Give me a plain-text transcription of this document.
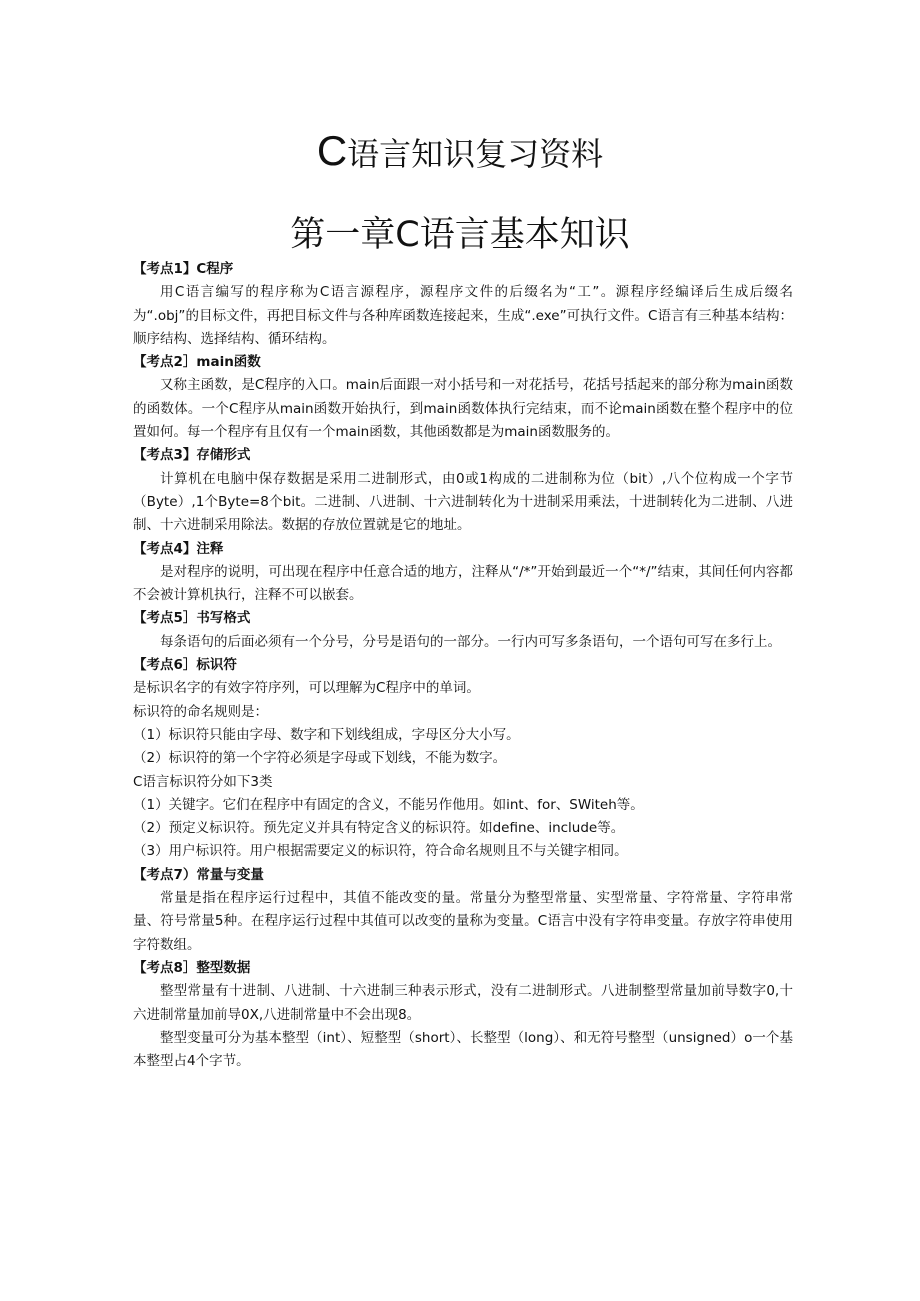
C语言知识复习资料
第一章C语言基本知识

【考点1】C程序

用C语言编写的程序称为C语言源程序，源程序文件的后缀名为“工”。源程序经编译后生成后缀名为“.obj”的目标文件，再把目标文件与各种库函数连接起来，生成“.exe”可执行文件。C语言有三种基本结构：顺序结构、选择结构、循环结构。

【考点2］main函数

又称主函数，是C程序的入口。main后面跟一对小括号和一对花括号，花括号括起来的部分称为main函数的函数体。一个C程序从main函数开始执行，到main函数体执行完结束，而不论main函数在整个程序中的位置如何。每一个程序有且仅有一个main函数，其他函数都是为main函数服务的。

【考点3】存储形式

计算机在电脑中保存数据是采用二进制形式，由0或1构成的二进制称为位（bit）,八个位构成一个字节（Byte）,1个Byte=8个bit。二进制、八进制、十六进制转化为十进制采用乘法，十进制转化为二进制、八进制、十六进制采用除法。数据的存放位置就是它的地址。

【考点4】注释

是对程序的说明，可出现在程序中任意合适的地方，注释从“/*”开始到最近一个“*/”结束，其间任何内容都不会被计算机执行，注释不可以嵌套。

【考点5］书写格式

每条语句的后面必须有一个分号，分号是语句的一部分。一行内可写多条语句，一个语句可写在多行上。

【考点6］标识符

是标识名字的有效字符序列，可以理解为C程序中的单词。

标识符的命名规则是：

（1）标识符只能由字母、数字和下划线组成，字母区分大小写。

（2）标识符的第一个字符必须是字母或下划线，不能为数字。

C语言标识符分如下3类

（1）关键字。它们在程序中有固定的含义，不能另作他用。如int、for、SWiteh等。

（2）预定义标识符。预先定义并具有特定含义的标识符。如define、include等。

（3）用户标识符。用户根据需要定义的标识符，符合命名规则且不与关键字相同。

【考点7）常量与变量

常量是指在程序运行过程中，其值不能改变的量。常量分为整型常量、实型常量、字符常量、字符串常量、符号常量5种。在程序运行过程中其值可以改变的量称为变量。C语言中没有字符串变量。存放字符串使用字符数组。

【考点8］整型数据

整型常量有十进制、八进制、十六进制三种表示形式，没有二进制形式。八进制整型常量加前导数字0,十六进制常量加前导0X,八进制常量中不会出现8。

整型变量可分为基本整型（int）、短整型（short）、长整型（long）、和无符号整型（unsigned）o一个基本整型占4个字节。
